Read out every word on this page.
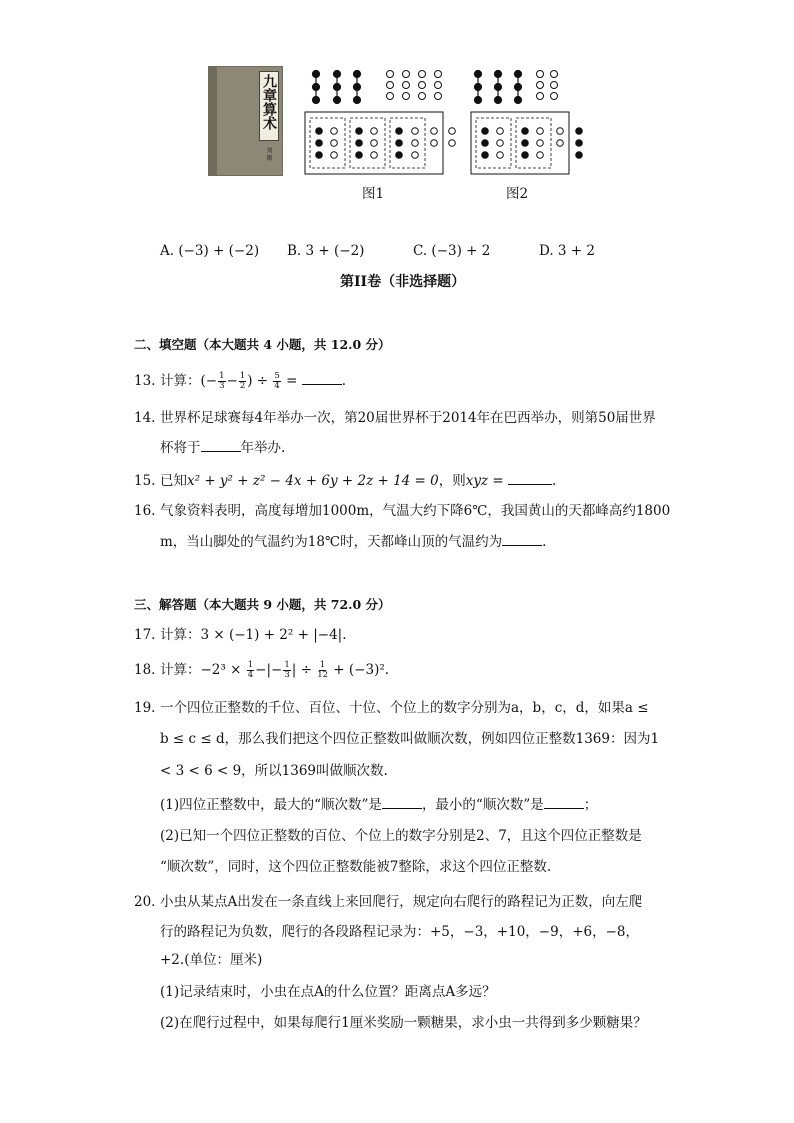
九章算术
刘 徽
图1	图2
A. (−3) + (−2) B. 3 + (−2)	C. (−3) + 2	D. 3 + 2
第II卷（非选择题）
二、填空题（本大题共 4 小题，共 12.0 分）
13. 计算：(− $\frac{1}{3} - \frac{1}{2}$ ) ÷ $\frac{5}{4}$ =	.
14. 世界杯足球赛每4年举办一次，第20届世界杯于2014年在巴西举办，则第50届世界
杯将于	年举办.
15. 已知x² + y² + z² − 4x + 6y + 2z + 14 = 0，则xyz =	.
16. 气象资料表明，高度每增加1000m，气温大约下降6℃，我国黄山的天都峰高约1800
m，当山脚处的气温约为18℃时，天都峰山顶的气温约为	.
三、解答题（本大题共 9 小题，共 72.0 分）
17. 计算：3 × (−1) + 2² + |−4|.
18. 计算：$-2^3 \times \frac{1}{4}$ −|− $\frac{1}{3}$ | ÷ $\frac{1}{12} + (-3)^2$.
19. 一个四位正整数的千位、百位、十位、个位上的数字分别为a，b，c，d，如果a ≤
b ≤ c ≤ d，那么我们把这个四位正整数叫做顺次数，例如四位正整数1369：因为1
< 3 < 6 < 9，所以1369叫做顺次数.
(1)四位正整数中，最大的“顺次数”是	，最小的“顺次数”是	；
(2)已知一个四位正整数的百位、个位上的数字分别是2、7，且这个四位正整数是
“顺次数”，同时，这个四位正整数能被7整除，求这个四位正整数.
20. 小虫从某点A出发在一条直线上来回爬行，规定向右爬行的路程记为正数，向左爬
行的路程记为负数，爬行的各段路程记录为：+5，−3，+10，−9，+6，−8，
+2.(单位：厘米)
(1)记录结束时，小虫在点A的什么位置？距离点A多远？
(2)在爬行过程中，如果每爬行1厘米奖励一颗糖果，求小虫一共得到多少颗糖果？
